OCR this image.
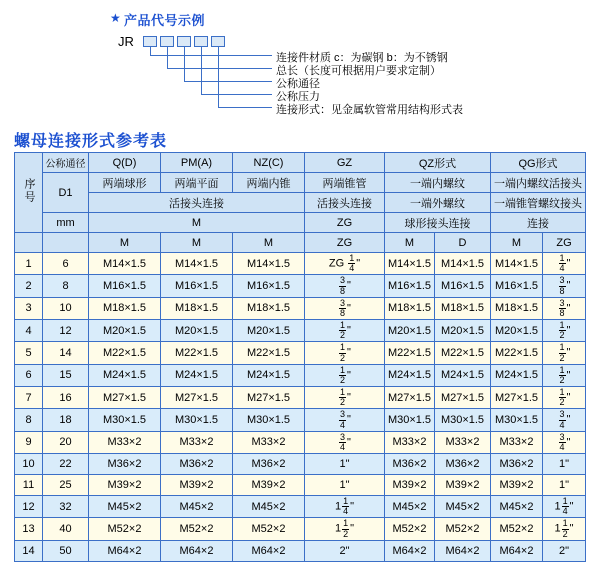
★ 产品代号示例
JR
连接件材质 c：为碳钢 b：为不锈钢
总长（长度可根据用户要求定制）
公称通径
公称压力
连接形式：见金属软管常用结构形式表
螺母连接形式参考表
序号	公称通径	Q(D)	PM(A)	NZ(C)	GZ	QZ形式		QG形式	
	D1	两端球形	两端平面	两端内锥	两端锥管	一端内螺纹		一端内螺纹活接头	
		活接头连接			活接头连接	一端外螺纹		一端锥管螺纹接头	
	mm	M			ZG	球形接头连接		连接	
		M	M	M	ZG	M	D	M	ZG
1	6	M14×1.5	M14×1.5	M14×1.5	ZG $\frac{1}{4}$ "	M14×1.5	M14×1.5	M14×1.5	$\frac{1}{4}$ "
2	8	M16×1.5	M16×1.5	M16×1.5	$\frac{3}{8}$ "	M16×1.5	M16×1.5	M16×1.5	$\frac{3}{8}$ "
3	10	M18×1.5	M18×1.5	M18×1.5	$\frac{3}{8}$ "	M18×1.5	M18×1.5	M18×1.5	$\frac{3}{8}$ "
4	12	M20×1.5	M20×1.5	M20×1.5	$\frac{1}{2}$ "	M20×1.5	M20×1.5	M20×1.5	$\frac{1}{2}$ "
5	14	M22×1.5	M22×1.5	M22×1.5	$\frac{1}{2}$ "	M22×1.5	M22×1.5	M22×1.5	$\frac{1}{2}$ "
6	15	M24×1.5	M24×1.5	M24×1.5	$\frac{1}{2}$ "	M24×1.5	M24×1.5	M24×1.5	$\frac{1}{2}$ "
7	16	M27×1.5	M27×1.5	M27×1.5	$\frac{1}{2}$ "	M27×1.5	M27×1.5	M27×1.5	$\frac{1}{2}$ "
8	18	M30×1.5	M30×1.5	M30×1.5	$\frac{3}{4}$ "	M30×1.5	M30×1.5	M30×1.5	$\frac{3}{4}$ "
9	20	M33×2	M33×2	M33×2	$\frac{3}{4}$ "	M33×2	M33×2	M33×2	$\frac{3}{4}$ "
10	22	M36×2	M36×2	M36×2	1"	M36×2	M36×2	M36×2	1"
11	25	M39×2	M39×2	M39×2	1"	M39×2	M39×2	M39×2	1"
12	32	M45×2	M45×2	M45×2	$1 \frac{1}{4}$ "	M45×2	M45×2	M45×2	$1 \frac{1}{4}$ "
13	40	M52×2	M52×2	M52×2	$1 \frac{1}{2}$ "	M52×2	M52×2	M52×2	$1 \frac{1}{2}$ "
14	50	M64×2	M64×2	M64×2	2"	M64×2	M64×2	M64×2	2"
